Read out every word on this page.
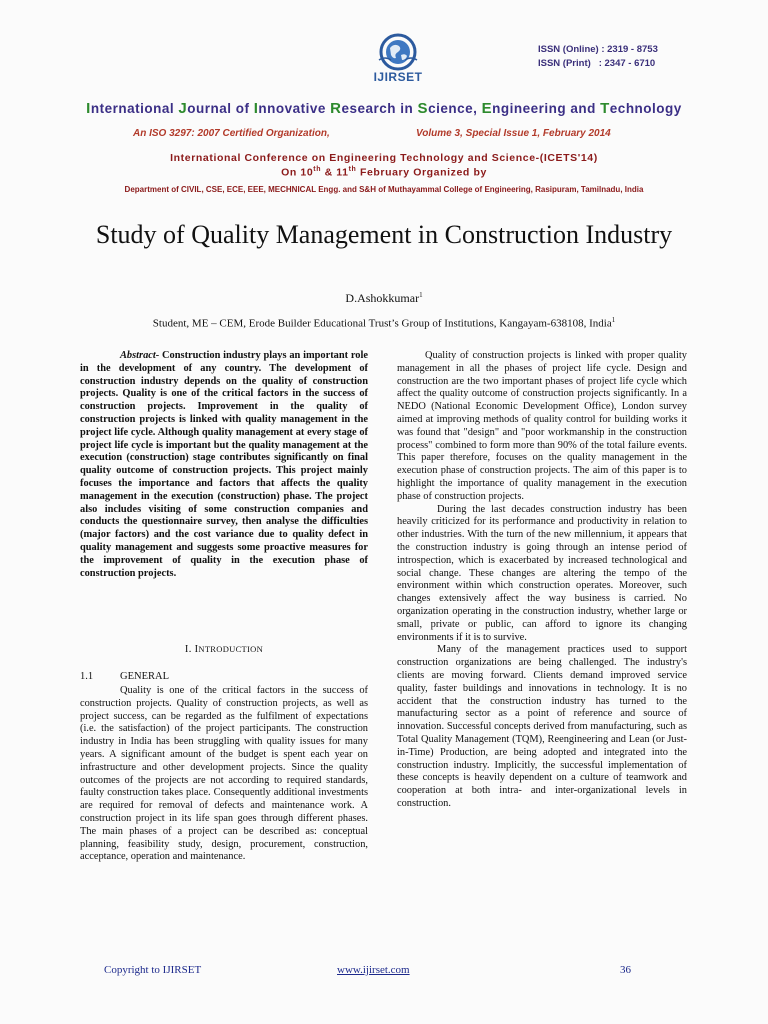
IJIRSET
ISSN (Online) : 2319 - 8753
ISSN (Print)   : 2347 - 6710
International Journal of Innovative Research in Science, Engineering and Technology
An ISO 3297: 2007 Certified Organization,	Volume 3, Special Issue 1, February 2014
International Conference on Engineering Technology and Science-(ICETS'14)
On 10th & 11th February Organized by
Department of CIVIL, CSE, ECE, EEE, MECHNICAL Engg. and S&H of Muthayammal College of Engineering, Rasipuram, Tamilnadu, India
Study of Quality Management in Construction Industry
D.Ashokkumar$^1$
Student, ME – CEM, Erode Builder Educational Trust’s Group of Institutions, Kangayam-638108, India$^1$
Abstract- Construction industry plays an important role in the development of any country. The development of construction industry depends on the quality of construction projects. Quality is one of the critical factors in the success of construction projects. Improvement in the quality of construction projects is linked with quality management in the project life cycle. Although quality management at every stage of project life cycle is important but the quality management at the execution (construction) stage contributes significantly on final quality outcome of construction projects. This project mainly focuses the importance and factors that affects the quality management in the execution (construction) phase. The project also includes visiting of some construction companies and conducts the questionnaire survey, then analyse the difficulties (major factors) and the cost variance due to quality defect in quality management and suggests some proactive measures for the improvement of quality in the execution phase of construction projects.
I. INTRODUCTION
1.1	GENERAL

Quality is one of the critical factors in the success of construction projects. Quality of construction projects, as well as project success, can be regarded as the fulfilment of expectations (i.e. the satisfaction) of the project participants. The construction industry in India has been struggling with quality issues for many years. A significant amount of the budget is spent each year on infrastructure and other development projects. Since the quality outcomes of the projects are not according to required standards, faulty construction takes place. Consequently additional investments are required for removal of defects and maintenance work. A construction project in its life span goes through different phases. The main phases of a project can be described as: conceptual planning, feasibility study, design, procurement, construction, acceptance, operation and maintenance.

Quality of construction projects is linked with proper quality management in all the phases of project life cycle. Design and construction are the two important phases of project life cycle which affect the quality outcome of construction projects significantly. In a NEDO (National Economic Development Office), London survey aimed at improving methods of quality control for building works it was found that "design" and "poor workmanship in the construction process" combined to form more than 90% of the total failure events. This paper therefore, focuses on the quality management in the execution phase of construction projects. The aim of this paper is to highlight the importance of quality management in the execution phase of construction projects.

During the last decades construction industry has been heavily criticized for its performance and productivity in relation to other industries. With the turn of the new millennium, it appears that the construction industry is going through an intense period of introspection, which is exacerbated by increased technological and social change. These changes are altering the tempo of the environment within which construction operates. Moreover, such changes extensively affect the way business is carried. No organization operating in the construction industry, whether large or small, private or public, can afford to ignore its changing environments if it is to survive.

Many of the management practices used to support construction organizations are being challenged. The industry's clients are moving forward. Clients demand improved service quality, faster buildings and innovations in technology. It is no accident that the construction industry has turned to the manufacturing sector as a point of reference and source of innovation. Successful concepts derived from manufacturing, such as Total Quality Management (TQM), Reengineering and Lean (or Just-in-Time) Production, are being adopted and integrated into the construction industry. Implicitly, the successful implementation of these concepts is heavily dependent on a culture of teamwork and cooperation at both intra- and inter-organizational levels in construction.

Copyright to IJIRSET	www.ijirset.com	36
